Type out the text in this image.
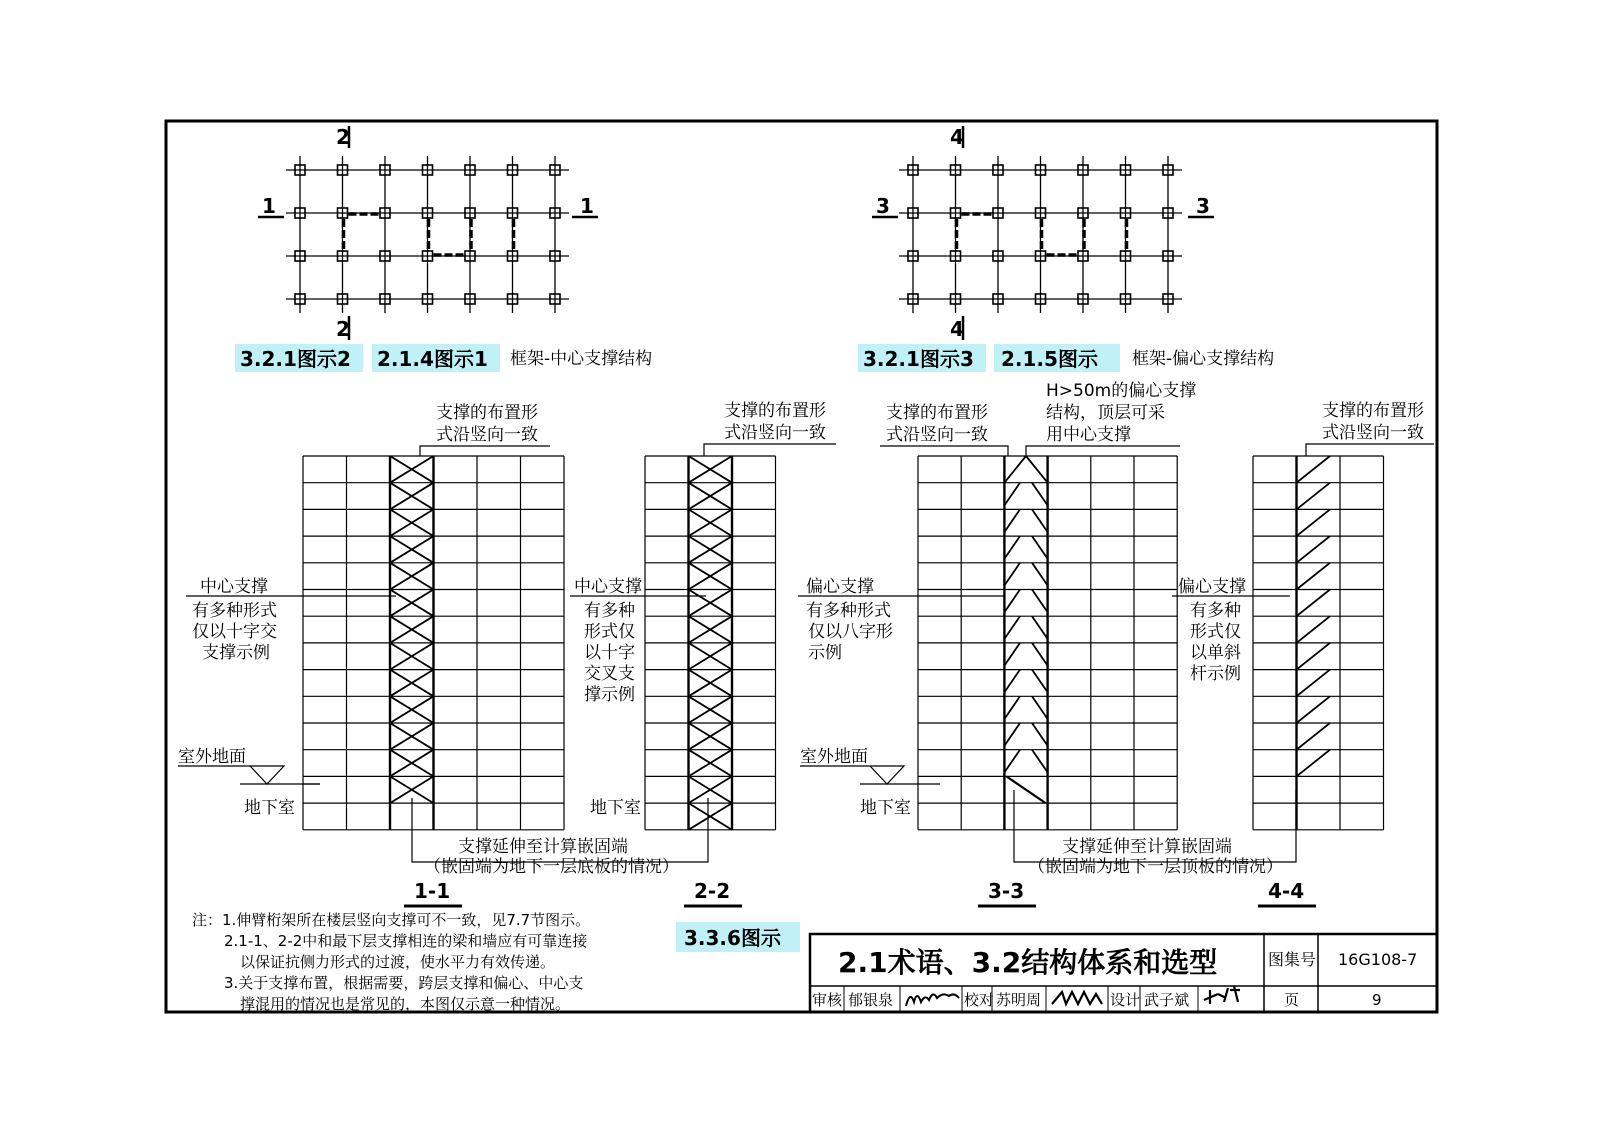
2
2
1	1
4
4
3	3
3.2.1图示2 2.1.4图示1 框架-中心支撑结构	3.2.1图示3 2.1.5图示 框架-偏心支撑结构
支撑的布置形
式沿竖向一致
中心支撑
有多种形式
仅以十字交
支撑示例
室外地面
地下室
支撑的布置形
式沿竖向一致
中心支撑
有多种
形式仅
以十字
交叉支
撑示例
地下室
支撑的布置形
式沿竖向一致
H>50m的偏心支撑
结构，顶层可采
用中心支撑
偏心支撑
有多种形式
仅以八字形
示例
室外地面
地下室
支撑的布置形
式沿竖向一致
偏心支撑
有多种
形式仅
以单斜
杆示例
支撑延伸至计算嵌固端
（嵌固端为地下一层底板的情况）
支撑延伸至计算嵌固端
（嵌固端为地下一层顶板的情况）
1-1	2-2	3-3	4-4
3.3.6图示
注：1.伸臂桁架所在楼层竖向支撑可不一致，见7.7节图示。
2.1-1、2-2中和最下层支撑相连的梁和墙应有可靠连接
以保证抗侧力形式的过渡，使水平力有效传递。
3.关于支撑布置，根据需要，跨层支撑和偏心、中心支
撑混用的情况也是常见的，本图仅示意一种情况。
2.1术语、3.2结构体系和选型	图集号 16G108-7
审核 郁银泉	校对 苏明周	设计 武子斌	页	9
